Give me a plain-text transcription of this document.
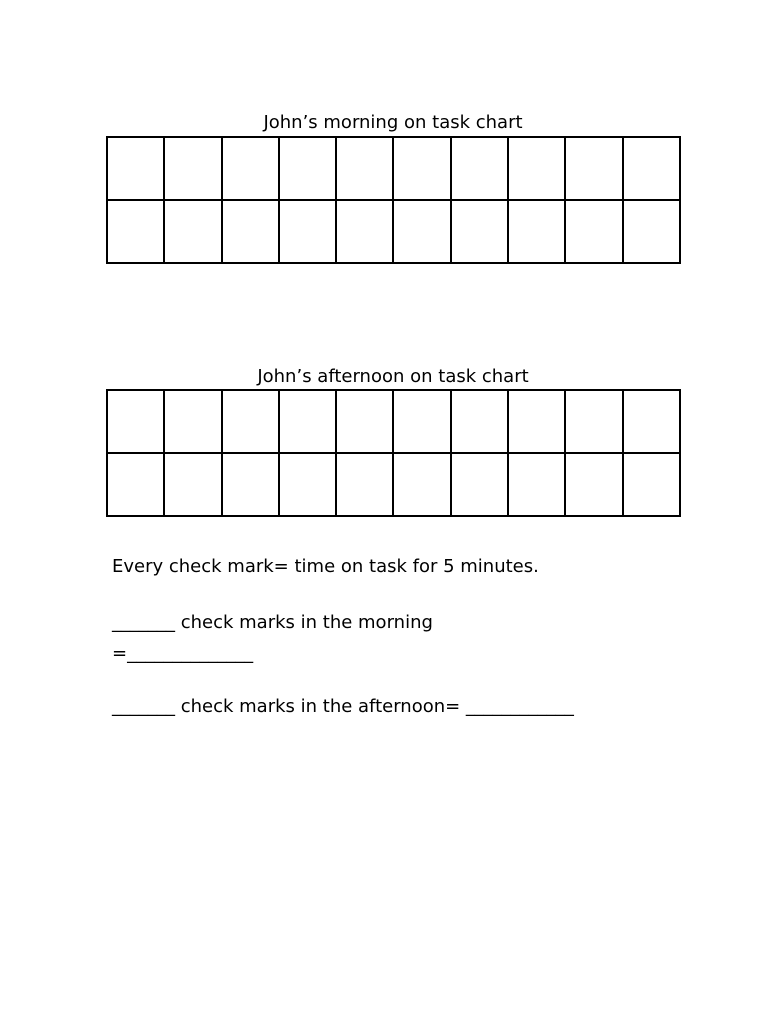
John’s morning on task chart

John’s afternoon on task chart

Every check mark= time on task for 5 minutes.

_______ check marks in the morning

=______________

_______ check marks in the afternoon= ____________
